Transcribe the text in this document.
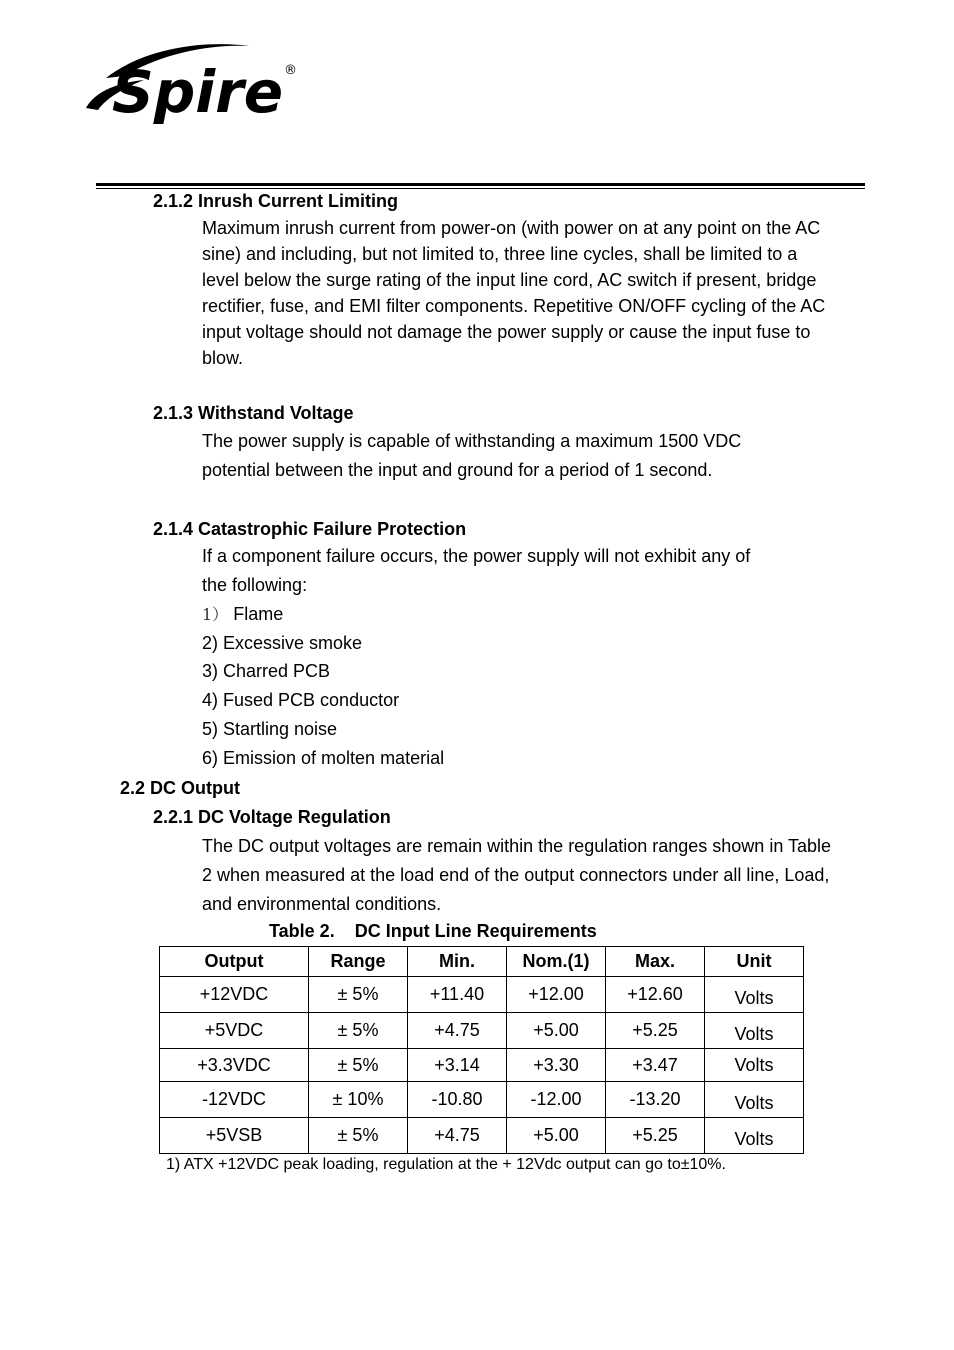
Spire ®
2.1.2 Inrush Current Limiting
Maximum inrush current from power-on (with power on at any point on the AC
sine) and including, but not limited to, three line cycles, shall be limited to a
level below the surge rating of the input line cord, AC switch if present, bridge
rectifier, fuse, and EMI filter components. Repetitive ON/OFF cycling of the AC
input voltage should not damage the power supply or cause the input fuse to
blow.
2.1.3 Withstand Voltage
The power supply is capable of withstanding a maximum 1500 VDC
potential between the input and ground for a period of 1 second.
2.1.4 Catastrophic Failure Protection
If a component failure occurs, the power supply will not exhibit any of
the following:
1） Flame
2) Excessive smoke
3) Charred PCB
4) Fused PCB conductor
5) Startling noise
6) Emission of molten material
2.2 DC Output
2.2.1 DC Voltage Regulation
The DC output voltages are remain within the regulation ranges shown in Table
2 when measured at the load end of the output connectors under all line, Load,
and environmental conditions.
Table 2.    DC Input Line Requirements
Output	Range	Min.	Nom.(1)	Max.	Unit
+12VDC	± 5%	+11.40	+12.00	+12.60	Volts
+5VDC	± 5%	+4.75	+5.00	+5.25	Volts
+3.3VDC	± 5%	+3.14	+3.30	+3.47	Volts
-12VDC	± 10%	-10.80	-12.00	-13.20	Volts
+5VSB	± 5%	+4.75	+5.00	+5.25	Volts
1) ATX +12VDC peak loading, regulation at the + 12Vdc output can go to±10%.
